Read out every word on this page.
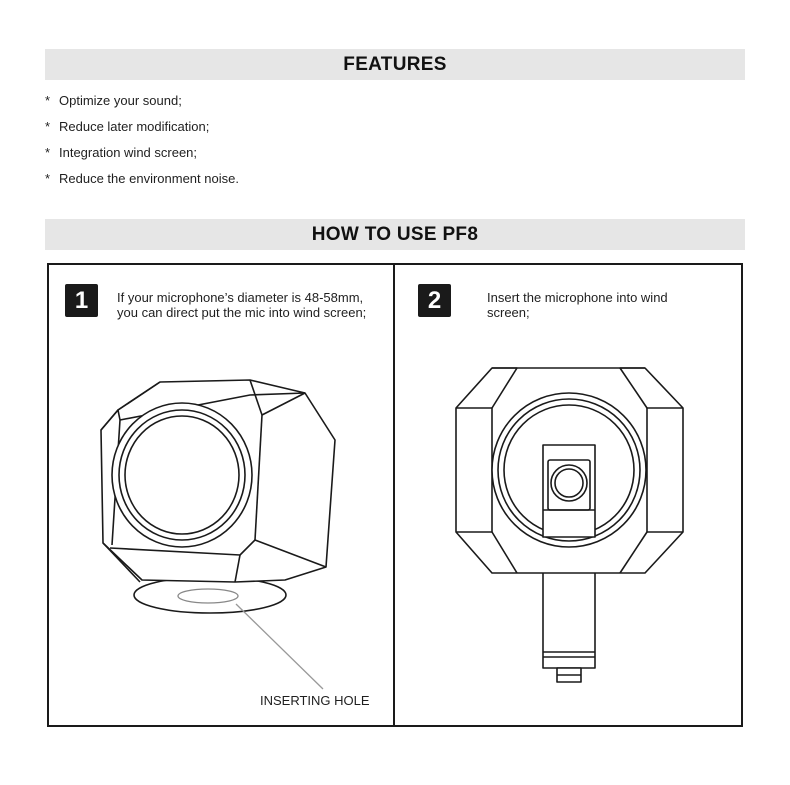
FEATURES
* Optimize your sound;
* Reduce later modification;
* Integration wind screen;
* Reduce the environment noise.
HOW TO USE PF8
1 If your microphone’s diameter is 48-58mm,
you can direct put the mic into wind screen;
INSERTING HOLE
2	Insert the microphone into wind
screen;
